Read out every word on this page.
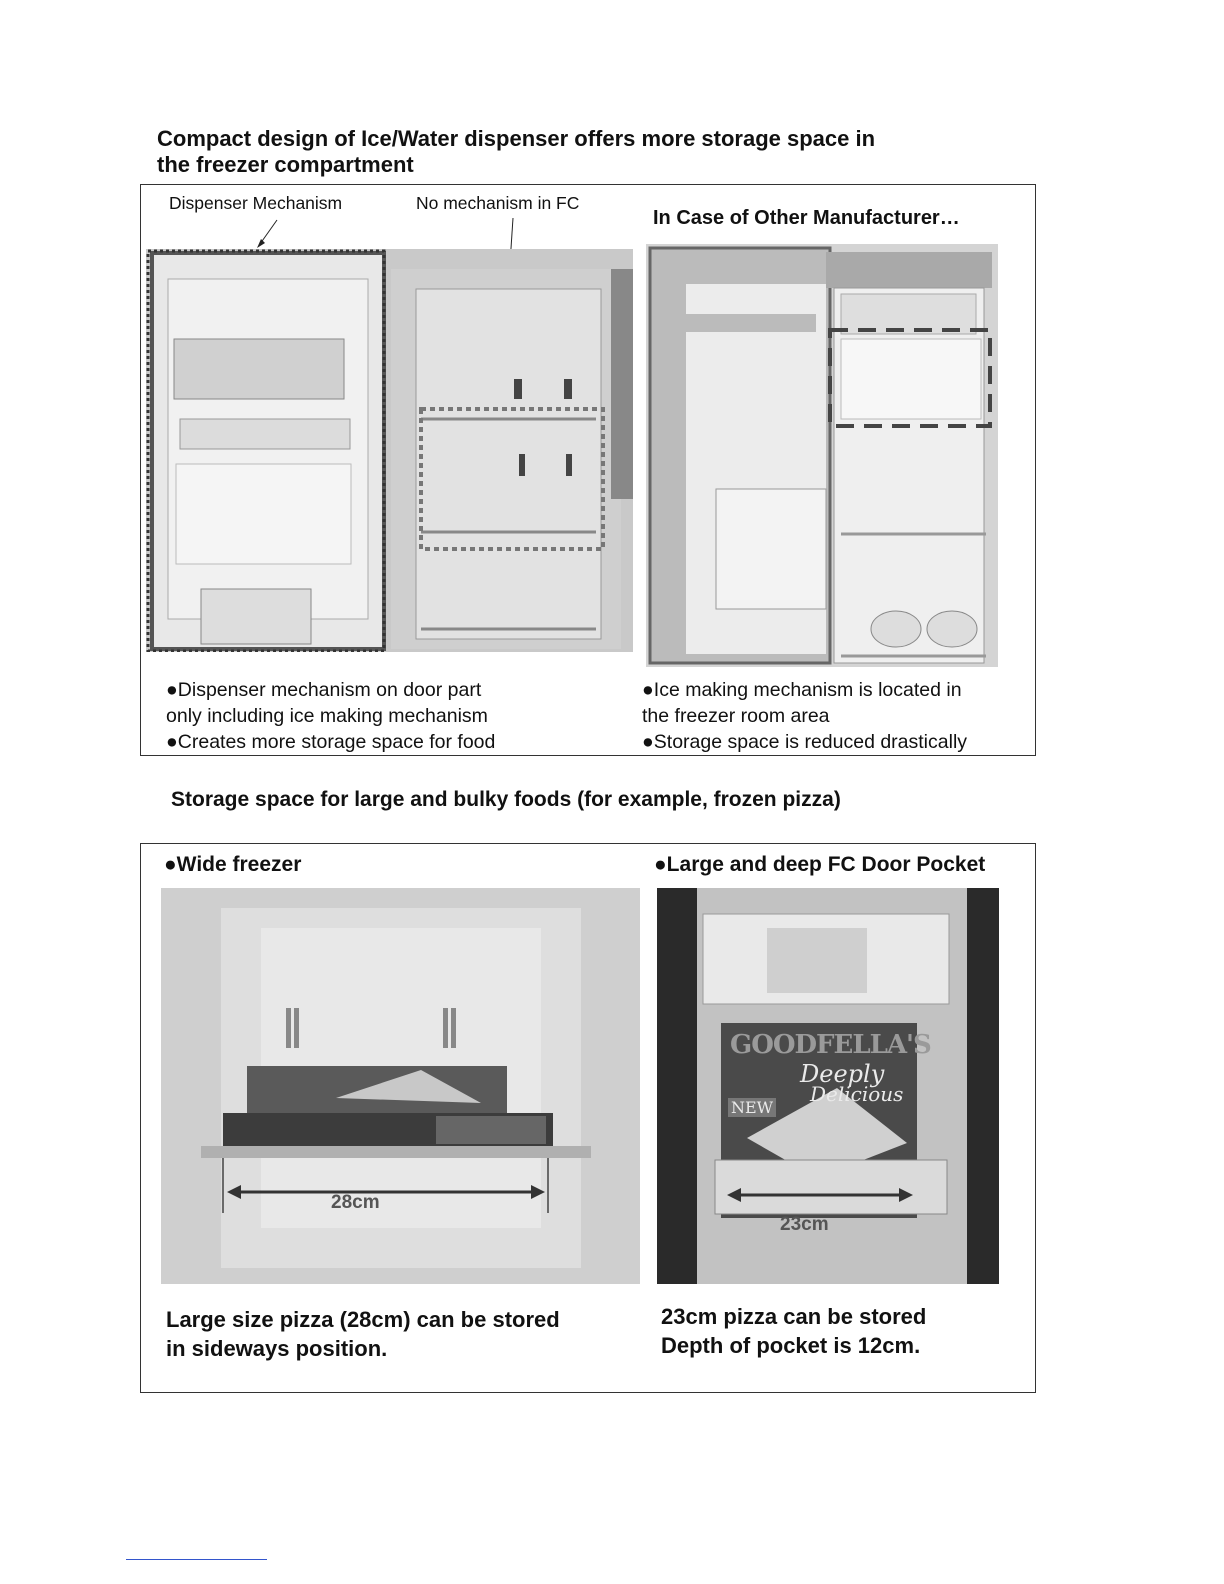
Compact design of Ice/Water dispenser offers more storage space in
the freezer compartment
Dispenser Mechanism	No mechanism in FC
In Case of Other Manufacturer…
●Dispenser mechanism on door part
only including ice making mechanism
●Creates more storage space for food
●Ice making mechanism is located in
the freezer room area
●Storage space is reduced drastically
Storage space for large and bulky foods (for example, frozen pizza)
●Wide freezer	●Large and deep FC Door Pocket
28cm
GOODFELLA'S
Deeply
Delicious
NEW
23cm
Large size pizza (28cm) can be stored
in sideways position.
23cm pizza can be stored
Depth of pocket is 12cm.
